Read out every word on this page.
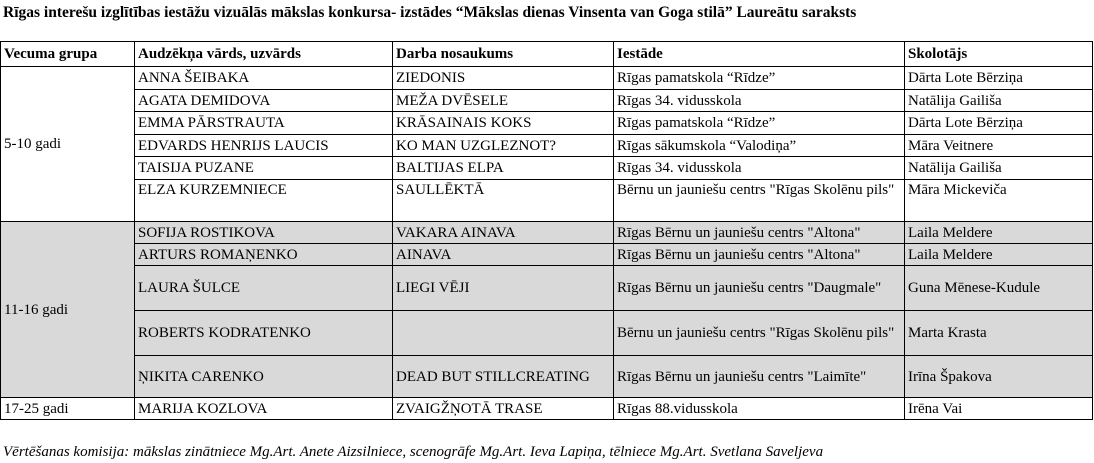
Rīgas interešu izglītības iestāžu vizuālās mākslas konkursa- izstādes “Mākslas dienas Vinsenta van Goga stilā” Laureātu saraksts
Vecuma grupa	Audzēkņa vārds, uzvārds	Darba nosaukums	Iestāde	Skolotājs
5-10 gadi	ANNA ŠEIBAKA	ZIEDONIS	Rīgas pamatskola “Rīdze”	Dārta Lote Bērziņa
	AGATA DEMIDOVA	MEŽA DVĒSELE	Rīgas 34. vidusskola	Natālija Gailiša
	EMMA PĀRSTRAUTA	KRĀSAINAIS KOKS	Rīgas pamatskola “Rīdze”	Dārta Lote Bērziņa
	EDVARDS HENRIJS LAUCIS	KO MAN UZGLEZNOT?	Rīgas sākumskola “Valodiņa”	Māra Veitnere
	TAISIJA PUZANE	BALTIJAS ELPA	Rīgas 34. vidusskola	Natālija Gailiša
	ELZA KURZEMNIECE	SAULLĒKTĀ	Bērnu un jauniešu centrs "Rīgas Skolēnu pils"	Māra Mickeviča
11-16 gadi	SOFIJA ROSTIKOVA	VAKARA AINAVA	Rīgas Bērnu un jauniešu centrs "Altona"	Laila Meldere
	ARTURS ROMAŅENKO	AINAVA	Rīgas Bērnu un jauniešu centrs "Altona"	Laila Meldere
	LAURA ŠULCE	LIEGI VĒJI	Rīgas Bērnu un jauniešu centrs "Daugmale"	Guna Mēnese-Kudule
	ROBERTS KODRATENKO		Bērnu un jauniešu centrs "Rīgas Skolēnu pils"	Marta Krasta
	ŅIKITA CARENKO	DEAD BUT STILLCREATING	Rīgas Bērnu un jauniešu centrs "Laimīte"	Irīna Špakova
17-25 gadi	MARIJA KOZLOVA	ZVAIGŽŅOTĀ TRASE	Rīgas 88.vidusskola	Irēna Vai
Vērtēšanas komisija: mākslas zinātniece Mg.Art. Anete Aizsilniece, scenogrāfe Mg.Art. Ieva Lapiņa, tēlniece Mg.Art. Svetlana Saveljeva
